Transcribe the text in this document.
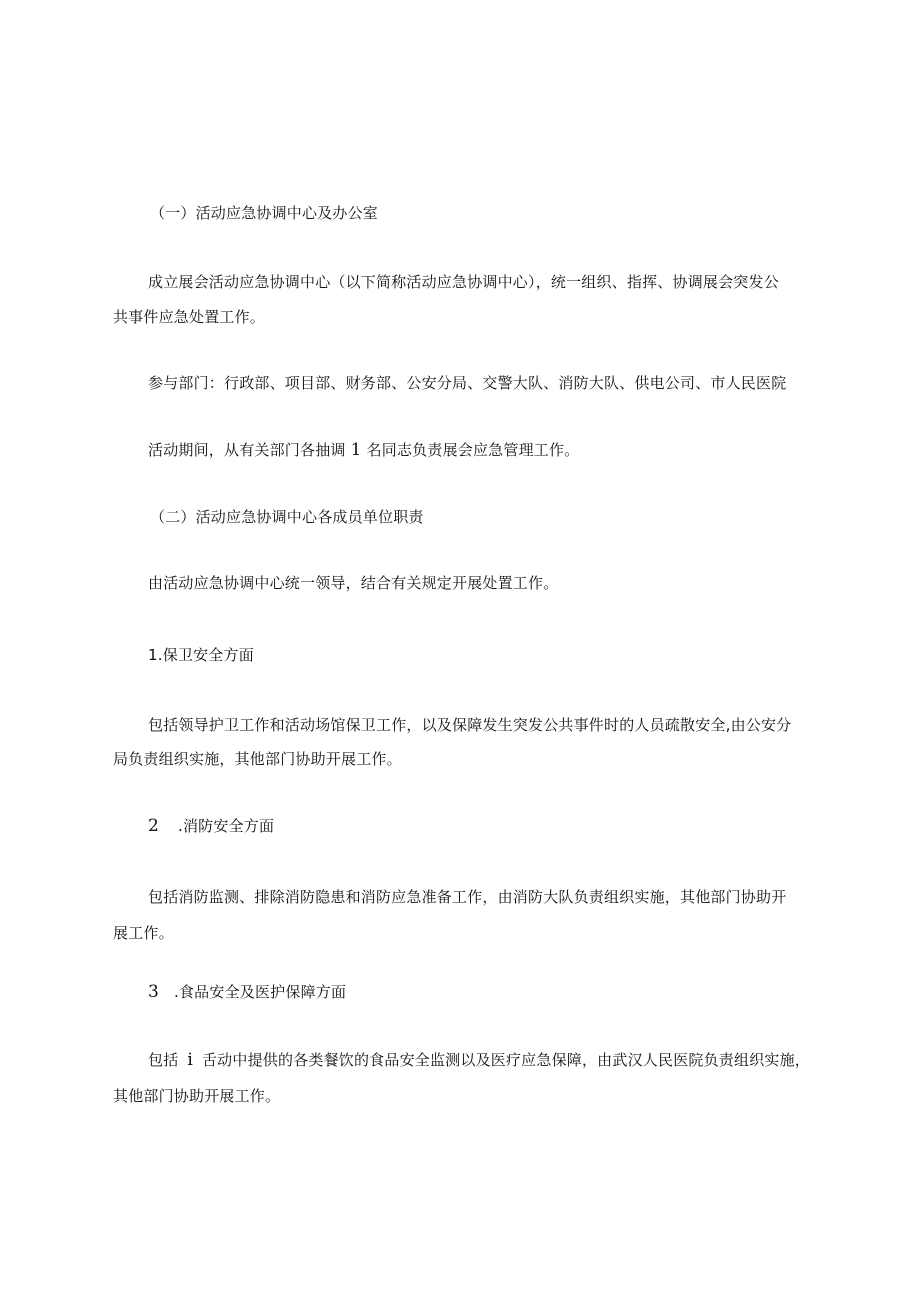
（一）活动应急协调中心及办公室
成立展会活动应急协调中心（以下简称活动应急协调中心），统一组织、指挥、协调展会突发公
共事件应急处置工作。
参与部门：行政部、项目部、财务部、公安分局、交警大队、消防大队、供电公司、市人民医院
活动期间，从有关部门各抽调 1 名同志负责展会应急管理工作。
（二）活动应急协调中心各成员单位职责
由活动应急协调中心统一领导，结合有关规定开展处置工作。
1.保卫安全方面
包括领导护卫工作和活动场馆保卫工作，以及保障发生突发公共事件时的人员疏散安全,由公安分
局负责组织实施，其他部门协助开展工作。
2 .消防安全方面
包括消防监测、排除消防隐患和消防应急准备工作，由消防大队负责组织实施，其他部门协助开
展工作。
3 .食品安全及医护保障方面
包括 i 舌动中提供的各类餐饮的食品安全监测以及医疗应急保障，由武汉人民医院负责组织实施，
其他部门协助开展工作。
